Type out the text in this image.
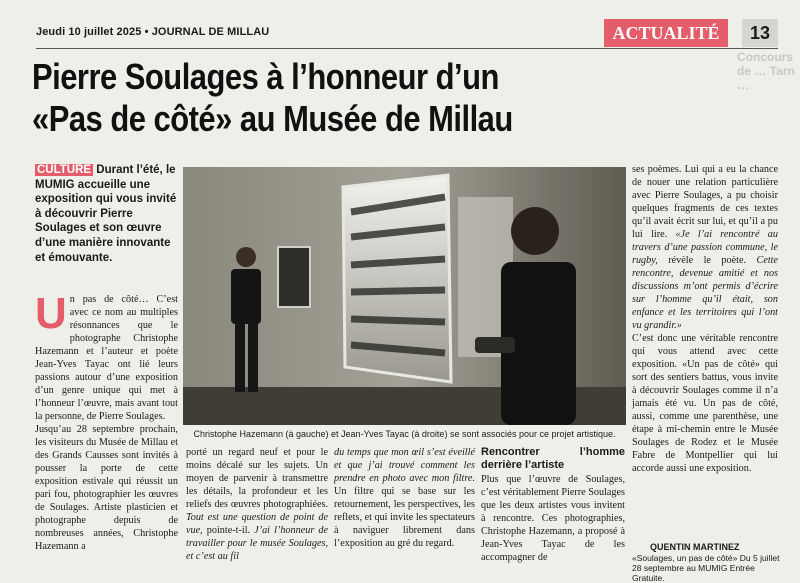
Jeudi 10 juillet 2025 • JOURNAL DE MILLAU	ACTUALITÉ	13
Concours de … Tarn …
Pierre Soulages à l’honneur d’un
«Pas de côté» au Musée de Millau
CULTURE Durant l’été, le MUMIG accueille une exposition qui vous invité à découvrir Pierre Soulages et son œuvre d’une manière innovante et émouvante.
U n pas de côté… C’est avec ce nom au multiples résonnances que le photographe Christophe Hazemann et l’auteur et poète Jean-Yves Tayac ont lié leurs passions autour d’une exposition d’un genre unique qui met à l’honneur l’œuvre, mais avant tout la personne, de Pierre Soulages.

Jusqu’au 28 septembre prochain, les visiteurs du Musée de Millau et des Grands Causses sont invités à pousser la porte de cette exposition estivale qui réussit un pari fou, photographier les œuvres de Soulages. Artiste plasticien et photographe depuis de nombreuses années, Christophe Hazemann a

Christophe Hazemann (à gauche) et Jean-Yves Tayac (à droite) se sont associés pour ce projet artistique.

porté un regard neuf et pour le moins décalé sur les sujets. Un moyen de parvenir à transmettre les détails, la profondeur et les reliefs des œuvres photographiées. Tout est une question de point de vue, pointe-t-il. J’ai l’honneur de travailler pour le musée Soulages, et c’est au fil

du temps que mon œil s’est éveillé et que j’ai trouvé comment les prendre en photo avec mon filtre. Un filtre qui se base sur les retournement, les perspectives, les reflets, et qui invite les spectateurs à naviguer librement dans l’exposition au gré du regard.

Rencontrer l’homme derrière l’artiste

Plus que l’œuvre de Soulages, c’est véritablement Pierre Soulages que les deux artistes vous invitent à rencontre. Ces photographies, Christophe Hazemann, a proposé à Jean-Yves Tayac de les accompagner de

ses poèmes. Lui qui a eu la chance de nouer une relation particulière avec Pierre Soulages, a pu choisir quelques fragments de ces textes qu’il avait écrit sur lui, et qu’il a pu lui lire. «Je l’ai rencontré au travers d’une passion commune, le rugby, révèle le poète. Cette rencontre, devenue amitié et nos discussions m’ont permis d’écrire sur l’homme qu’il était, son enfance et les territoires qui l’ont vu grandir.»

C’est donc une véritable rencontre qui vous attend avec cette exposition. «Un pas de côté» qui sort des sentiers battus, vous invite à découvrir Soulages comme il n’a jamais été vu. Un pas de côté, aussi, comme une parenthèse, une étape à mi-chemin entre le Musée Soulages de Rodez et le Musée Fabre de Montpellier qui lui accorde aussi une exposition.

QUENTIN MARTINEZ
«Soulages, un pas de côté» Du 5 juillet 28 septembre au MUMIG Entrée Gratuite.
